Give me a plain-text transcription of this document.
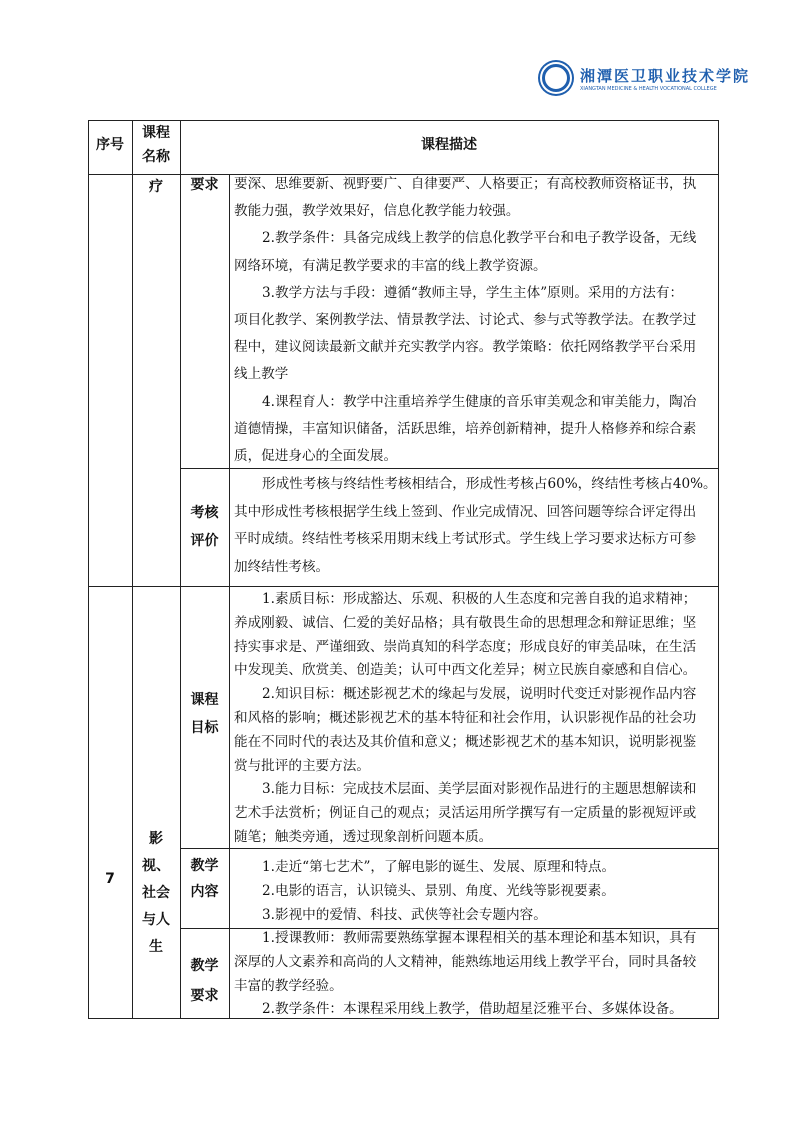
湘潭医卫职业技术学院
XIANGTAN MEDICINE & HEALTH VOCATIONAL COLLEGE
序号
课程
名称
课程描述
疗	要求	要深、思维要新、视野要广、自律要严、人格要正；有高校教师资格证书，执
教能力强，教学效果好，信息化教学能力较强。
2.教学条件：具备完成线上教学的信息化教学平台和电子教学设备，无线
网络环境，有满足教学要求的丰富的线上教学资源。
3.教学方法与手段：遵循“教师主导，学生主体”原则。采用的方法有：
项目化教学、案例教学法、情景教学法、讨论式、参与式等教学法。在教学过
程中，建议阅读最新文献并充实教学内容。教学策略：依托网络教学平台采用
线上教学
4.课程育人：教学中注重培养学生健康的音乐审美观念和审美能力，陶冶
道德情操，丰富知识储备，活跃思维，培养创新精神，提升人格修养和综合素
质，促进身心的全面发展。
考核
评价
形成性考核与终结性考核相结合，形成性考核占60%，终结性考核占40%。
其中形成性考核根据学生线上签到、作业完成情况、回答问题等综合评定得出
平时成绩。终结性考核采用期末线上考试形式。学生线上学习要求达标方可参
加终结性考核。
7
影
视、
社会
与人
生
课程
目标
1.素质目标：形成豁达、乐观、积极的人生态度和完善自我的追求精神；
养成刚毅、诚信、仁爱的美好品格；具有敬畏生命的思想理念和辩证思维；坚
持实事求是、严谨细致、崇尚真知的科学态度；形成良好的审美品味，在生活
中发现美、欣赏美、创造美；认可中西文化差异；树立民族自豪感和自信心。
2.知识目标：概述影视艺术的缘起与发展，说明时代变迁对影视作品内容
和风格的影响；概述影视艺术的基本特征和社会作用，认识影视作品的社会功
能在不同时代的表达及其价值和意义；概述影视艺术的基本知识，说明影视鉴
赏与批评的主要方法。
3.能力目标：完成技术层面、美学层面对影视作品进行的主题思想解读和
艺术手法赏析；例证自己的观点；灵活运用所学撰写有一定质量的影视短评或
随笔；触类旁通，透过现象剖析问题本质。
教学
内容
1.走近“第七艺术”，了解电影的诞生、发展、原理和特点。
2.电影的语言，认识镜头、景别、角度、光线等影视要素。
3.影视中的爱情、科技、武侠等社会专题内容。
教学
要求
1.授课教师：教师需要熟练掌握本课程相关的基本理论和基本知识，具有
深厚的人文素养和高尚的人文精神，能熟练地运用线上教学平台，同时具备较
丰富的教学经验。
2.教学条件：本课程采用线上教学，借助超星泛雅平台、多媒体设备。
